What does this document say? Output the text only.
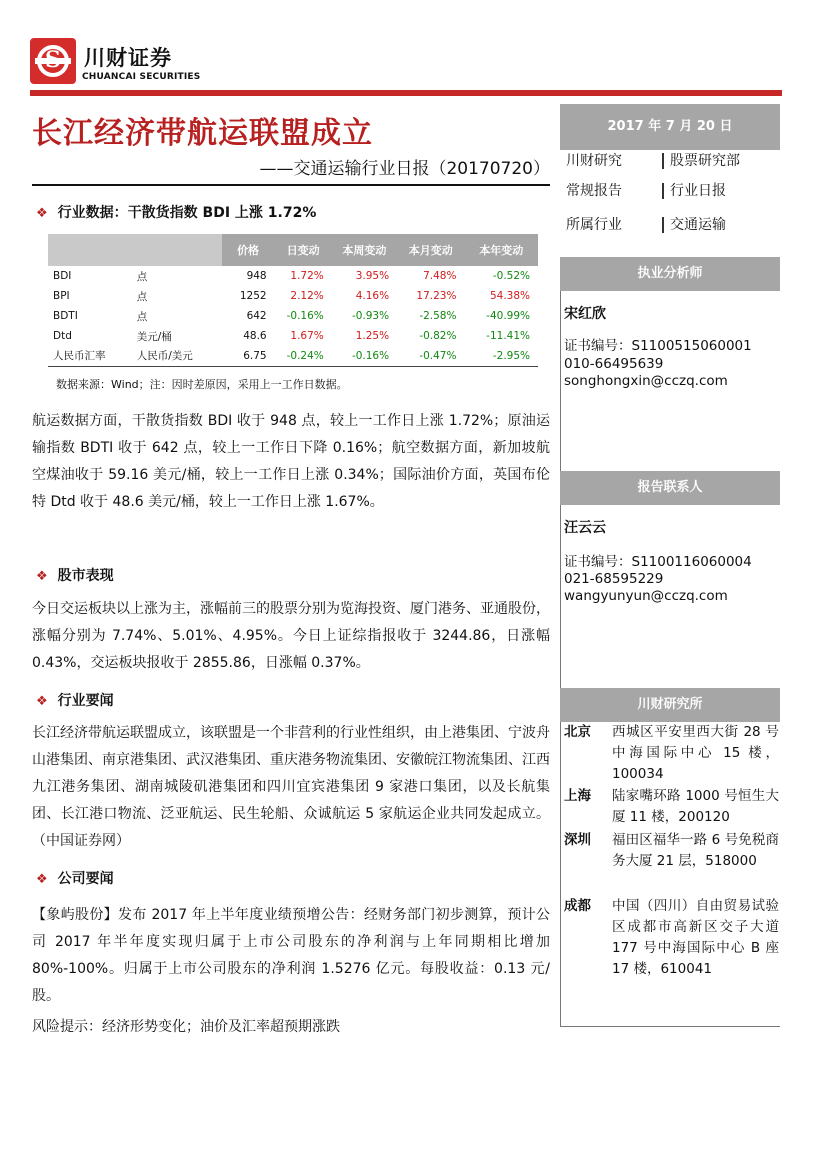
S	川财证券
CHUANCAI SECURITIES
长江经济带航运联盟成立
——交通运输行业日报（20170720）
❖ 行业数据：干散货指数 BDI 上涨 1.72%
		价格	日变动	本周变动	本月变动	本年变动
BDI	点	948	1.72%	3.95%	7.48%	-0.52%
BPI	点	1252	2.12%	4.16%	17.23%	54.38%
BDTI	点	642	-0.16%	-0.93%	-2.58%	-40.99%
Dtd	美元/桶	48.6	1.67%	1.25%	-0.82%	-11.41%
人民币汇率	人民币/美元	6.75	-0.24%	-0.16%	-0.47%	-2.95%
数据来源：Wind；注：因时差原因，采用上一工作日数据。

航运数据方面，干散货指数 BDI 收于 948 点，较上一工作日上涨 1.72%；原油运输指数 BDTI 收于 642 点，较上一工作日下降 0.16%；航空数据方面，新加坡航空煤油收于 59.16 美元/桶，较上一工作日上涨 0.34%；国际油价方面，英国布伦特 Dtd 收于 48.6 美元/桶，较上一工作日上涨 1.67%。

❖ 股市表现

今日交运板块以上涨为主，涨幅前三的股票分别为览海投资、厦门港务、亚通股份，涨幅分别为 7.74%、5.01%、4.95%。今日上证综指报收于 3244.86，日涨幅 0.43%，交运板块报收于 2855.86，日涨幅 0.37%。

❖ 行业要闻

长江经济带航运联盟成立，该联盟是一个非营利的行业性组织，由上港集团、宁波舟山港集团、南京港集团、武汉港集团、重庆港务物流集团、安徽皖江物流集团、江西九江港务集团、湖南城陵矶港集团和四川宜宾港集团 9 家港口集团，以及长航集团、长江港口物流、泛亚航运、民生轮船、众诚航运 5 家航运企业共同发起成立。（中国证券网）

❖ 公司要闻

【象屿股份】发布 2017 年上半年度业绩预增公告：经财务部门初步测算，预计公司 2017 年半年度实现归属于上市公司股东的净利润与上年同期相比增加 80%-100%。归属于上市公司股东的净利润 1.5276 亿元。每股收益：0.13 元/股。

风险提示：经济形势变化；油价及汇率超预期涨跌

2017 年 7 月 20 日
川财研究	股票研究部
常规报告	行业日报
所属行业	交通运输
执业分析师
宋红欣
证书编号：S1100515060001
010-66495639
songhongxin@cczq.com
报告联系人
汪云云
证书编号：S1100116060004
021-68595229
wangyunyun@cczq.com
川财研究所
北京	西城区平安里西大街 28 号中海国际中心 15 楼，100034
上海	陆家嘴环路 1000 号恒生大厦 11 楼，200120
深圳	福田区福华一路 6 号免税商务大厦 21 层，518000
成都	中国（四川）自由贸易试验区成都市高新区交子大道 177 号中海国际中心 B 座 17 楼，610041
